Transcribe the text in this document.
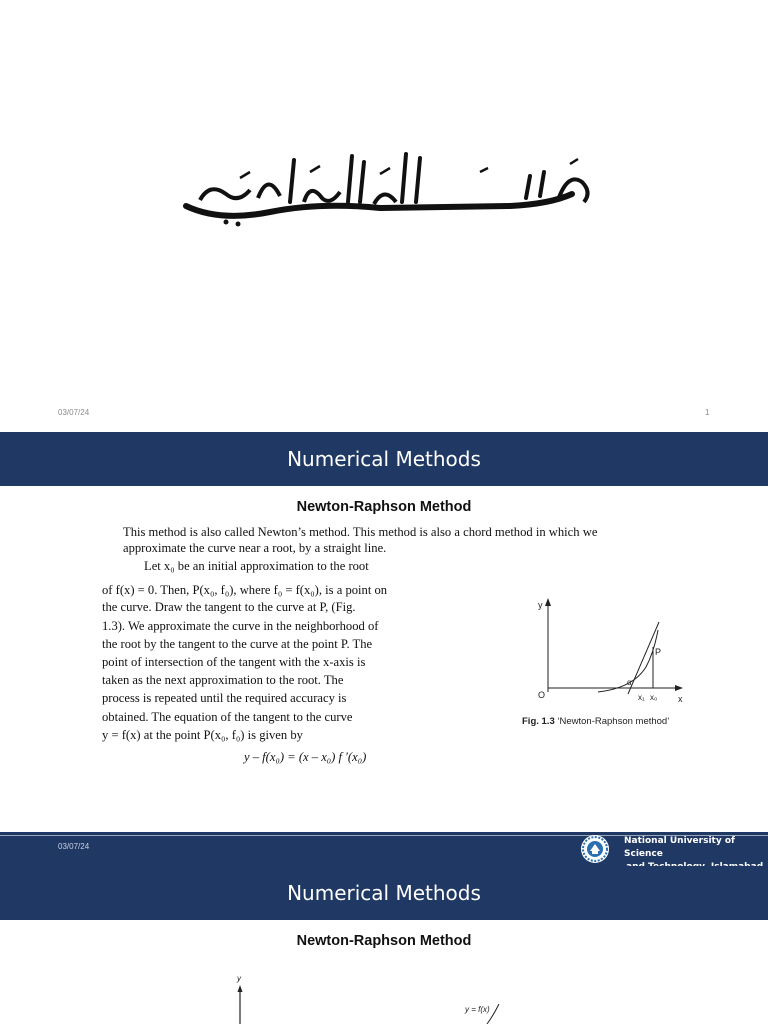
بِسْمِ اللهِ الرَّحْمٰنِ الرَّحِيْمِ
03/07/24	1
Numerical Methods
Newton-Raphson Method
This method is also called Newton’s method. This method is also a chord method in which we
approximate the curve near a root, by a straight line.
Let x₀ be an initial approximation to the root
of f(x) = 0. Then, P(x₀, f₀), where f₀ = f(x₀), is a point on
the curve. Draw the tangent to the curve at P, (Fig.
1.3). We approximate the curve in the neighborhood of
the root by the tangent to the curve at the point P. The
point of intersection of the tangent with the x-axis is
taken as the next approximation to the root. The
process is repeated until the required accuracy is
obtained. The equation of the tangent to the curve
y = f(x) at the point P(x₀, f₀) is given by
y – f(x₀) = (x – x₀) f ′(x₀)
y
x
O
P
α
x₁ x₀
Fig. 1.3 ‘Newton-Raphson method’
03/07/24
National University of Science
Numerical Methods
Newton-Raphson Method
y
y = f(x)
